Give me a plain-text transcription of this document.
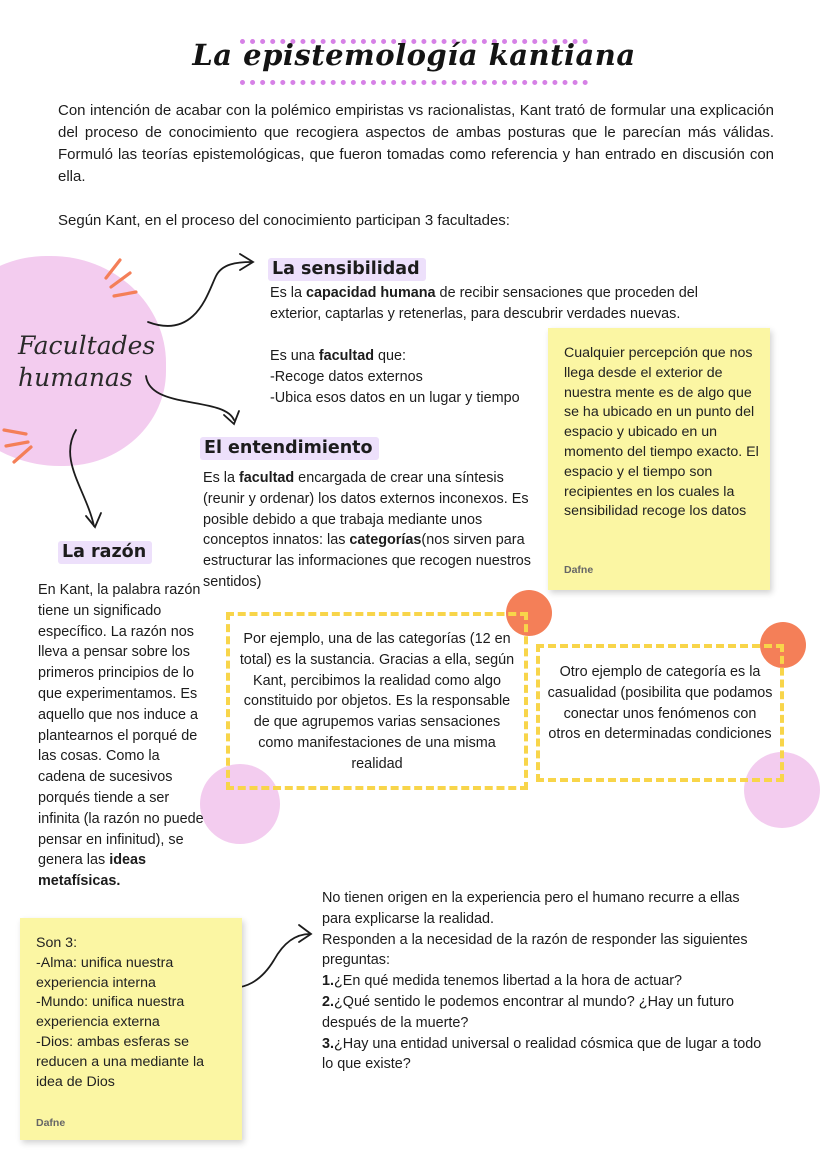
La epistemología kantiana
Con intención de acabar con la polémico empiristas vs racionalistas, Kant trató de formular una explicación del proceso de conocimiento que recogiera aspectos de ambas posturas que le parecían más válidas. Formuló las teorías epistemológicas, que fueron tomadas como referencia y han entrado en discusión con ella.
Según Kant, en el proceso del conocimiento participan 3 facultades:
Facultades
humanas
La sensibilidad
Es la capacidad humana de recibir sensaciones que proceden del exterior, captarlas y retenerlas, para descubrir verdades nuevas.
Es una facultad que:
-Recoge datos externos
-Ubica esos datos en un lugar y tiempo
Cualquier percepción que nos llega desde el exterior de nuestra mente es de algo que se ha ubicado en un punto del espacio y ubicado en un momento del tiempo exacto. El espacio y el tiempo son recipientes en los cuales la sensibilidad recoge los datos
Dafne
El entendimiento
Es la facultad encargada de crear una síntesis (reunir y ordenar) los datos externos inconexos. Es posible debido a que trabaja mediante unos conceptos innatos: las categorías(nos sirven para estructurar las informaciones que recogen nuestros sentidos)
Por ejemplo, una de las categorías (12 en total) es la sustancia. Gracias a ella, según Kant, percibimos la realidad como algo constituido por objetos. Es la responsable de que agrupemos varias sensaciones como manifestaciones de una misma realidad
Otro ejemplo de categoría es la casualidad (posibilita que podamos conectar unos fenómenos con otros en determinadas condiciones
La razón
En Kant, la palabra razón tiene un significado específico. La razón nos lleva a pensar sobre los primeros principios de lo que experimentamos. Es aquello que nos induce a plantearnos el porqué de las cosas. Como la cadena de sucesivos porqués tiende a ser infinita (la razón no puede pensar en infinitud), se genera las ideas metafísicas.
Son 3:
-Alma: unifica nuestra experiencia interna
-Mundo: unifica nuestra experiencia externa
-Dios: ambas esferas se reducen a una mediante la idea de Dios
Dafne
No tienen origen en la experiencia pero el humano recurre a ellas para explicarse la realidad.
Responden a la necesidad de la razón de responder las siguientes preguntas:
1.¿En qué medida tenemos libertad a la hora de actuar?
2.¿Qué sentido le podemos encontrar al mundo? ¿Hay un futuro después de la muerte?
3.¿Hay una entidad universal o realidad cósmica que de lugar a todo lo que existe?
